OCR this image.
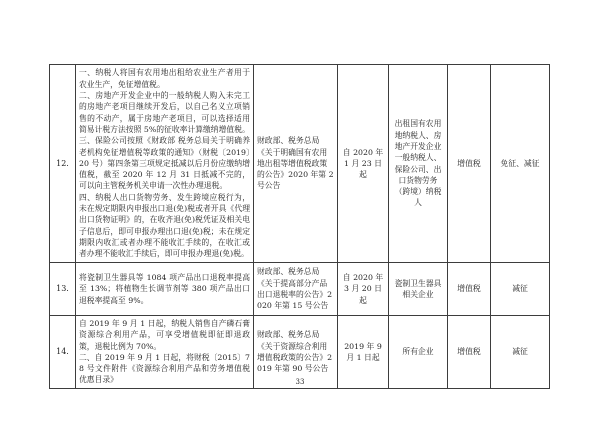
12.	一、纳税人将国有农用地出租给农业生产者用于农业生产，免征增值税。

二、房地产开发企业中的一般纳税人购入未完工的房地产老项目继续开发后，以自己名义立项销售的不动产，属于房地产老项目，可以选择适用简易计税方法按照 5%的征收率计算缴纳增值税。

三、保险公司按照《财政部 税务总局关于明确养老机构免征增值税等政策的通知》（财税〔2019〕20 号）第四条第三项规定抵减以后月份应缴纳增值税，截至 2020 年 12 月 31 日抵减不完的，可以向主管税务机关申请一次性办理退税。

四、纳税人出口货物劳务、发生跨境应税行为，未在规定期限内申报出口退(免)税或者开具《代理出口货物证明》的，在收齐退(免)税凭证及相关电子信息后，即可申报办理出口退(免)税；未在规定期限内收汇或者办理不能收汇手续的，在收汇或者办理不能收汇手续后，即可申报办理退(免)税。	财政部、税务总局《关于明确国有农用地出租等增值税政策的公告》2020 年第 2 号公告	自 2020 年 1 月 23 日起	出租国有农用地纳税人、房地产开发企业一般纳税人、保险公司、出口货物劳务（跨境）纳税人	增值税	免征、减征
13.	将瓷制卫生器具等 1084 项产品出口退税率提高至 13%；将植物生长调节剂等 380 项产品出口退税率提高至 9%。	财政部、税务总局《关于提高部分产品出口退税率的公告》2020 年第 15 号公告	自 2020 年 3 月 20 日起	瓷制卫生器具相关企业	增值税	减征
14.	自 2019 年 9 月 1 日起，纳税人销售自产磷石膏资源综合利用产品，可享受增值税即征即退政策，退税比例为 70%。

二、自 2019 年 9 月 1 日起，将财税〔2015〕78 号文件附件《资源综合利用产品和劳务增值税优惠目录》	财政部、税务总局《关于资源综合利用增值税政策的公告》2019 年第 90 号公告	2019 年 9 月 1 日起	所有企业	增值税	减征
33
